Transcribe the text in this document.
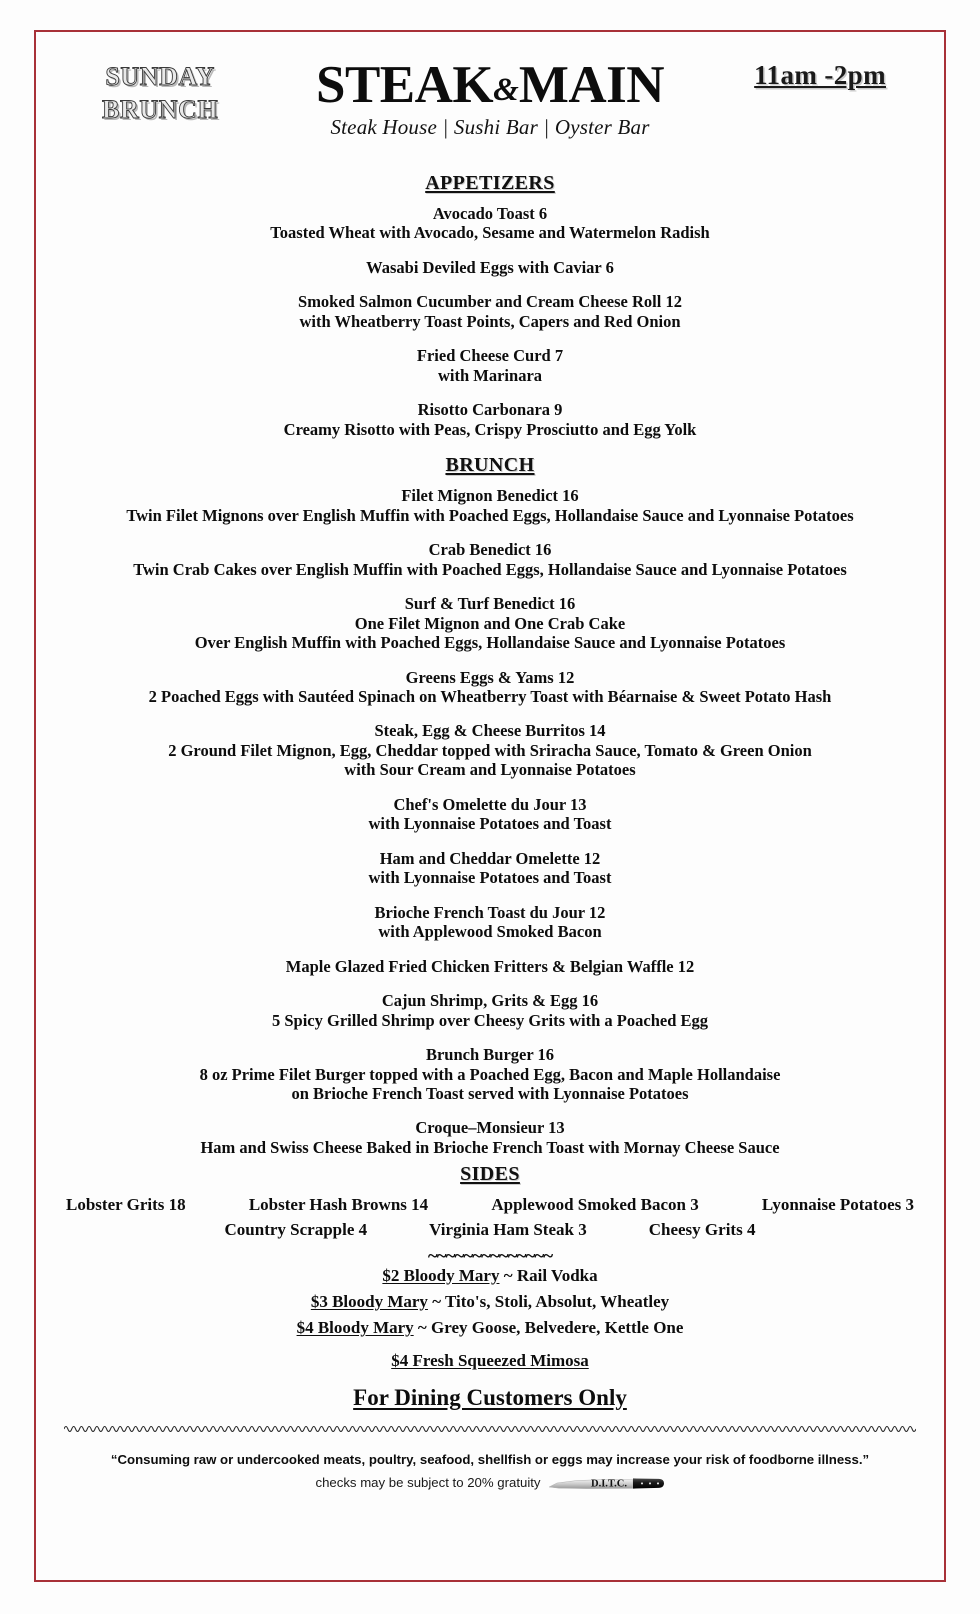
SUNDAY
BRUNCH	STEAK&MAIN
Steak House | Sushi Bar | Oyster Bar
11am -2pm
APPETIZERS
Avocado Toast 6
Toasted Wheat with Avocado, Sesame and Watermelon Radish
Wasabi Deviled Eggs with Caviar 6
Smoked Salmon Cucumber and Cream Cheese Roll 12
with Wheatberry Toast Points, Capers and Red Onion
Fried Cheese Curd 7
with Marinara
Risotto Carbonara 9
Creamy Risotto with Peas, Crispy Prosciutto and Egg Yolk
BRUNCH
Filet Mignon Benedict 16
Twin Filet Mignons over English Muffin with Poached Eggs, Hollandaise Sauce and Lyonnaise Potatoes
Crab Benedict 16
Twin Crab Cakes over English Muffin with Poached Eggs, Hollandaise Sauce and Lyonnaise Potatoes
Surf & Turf Benedict 16
One Filet Mignon and One Crab Cake
Over English Muffin with Poached Eggs, Hollandaise Sauce and Lyonnaise Potatoes
Greens Eggs & Yams 12
2 Poached Eggs with Sautéed Spinach on Wheatberry Toast with Béarnaise & Sweet Potato Hash
Steak, Egg & Cheese Burritos 14
2 Ground Filet Mignon, Egg, Cheddar topped with Sriracha Sauce, Tomato & Green Onion
with Sour Cream and Lyonnaise Potatoes
Chef's Omelette du Jour 13
with Lyonnaise Potatoes and Toast
Ham and Cheddar Omelette 12
with Lyonnaise Potatoes and Toast
Brioche French Toast du Jour 12
with Applewood Smoked Bacon
Maple Glazed Fried Chicken Fritters & Belgian Waffle 12
Cajun Shrimp, Grits & Egg 16
5 Spicy Grilled Shrimp over Cheesy Grits with a Poached Egg
Brunch Burger 16
8 oz Prime Filet Burger topped with a Poached Egg, Bacon and Maple Hollandaise
on Brioche French Toast served with Lyonnaise Potatoes
Croque–Monsieur 13
Ham and Swiss Cheese Baked in Brioche French Toast with Mornay Cheese Sauce
SIDES
Lobster Grits 18	Lobster Hash Browns 14	Applewood Smoked Bacon 3	Lyonnaise Potatoes 3
Country Scrapple 4	Virginia Ham Steak 3	Cheesy Grits 4
~~~~~~~~~~~~~~
$2 Bloody Mary ~ Rail Vodka
$3 Bloody Mary ~ Tito's, Stoli, Absolut, Wheatley
$4 Bloody Mary ~ Grey Goose, Belvedere, Kettle One
$4 Fresh Squeezed Mimosa
For Dining Customers Only
“Consuming raw or undercooked meats, poultry, seafood, shellfish or eggs may increase your risk of foodborne illness.”
checks may be subject to 20% gratuity	D.I.T.C.
